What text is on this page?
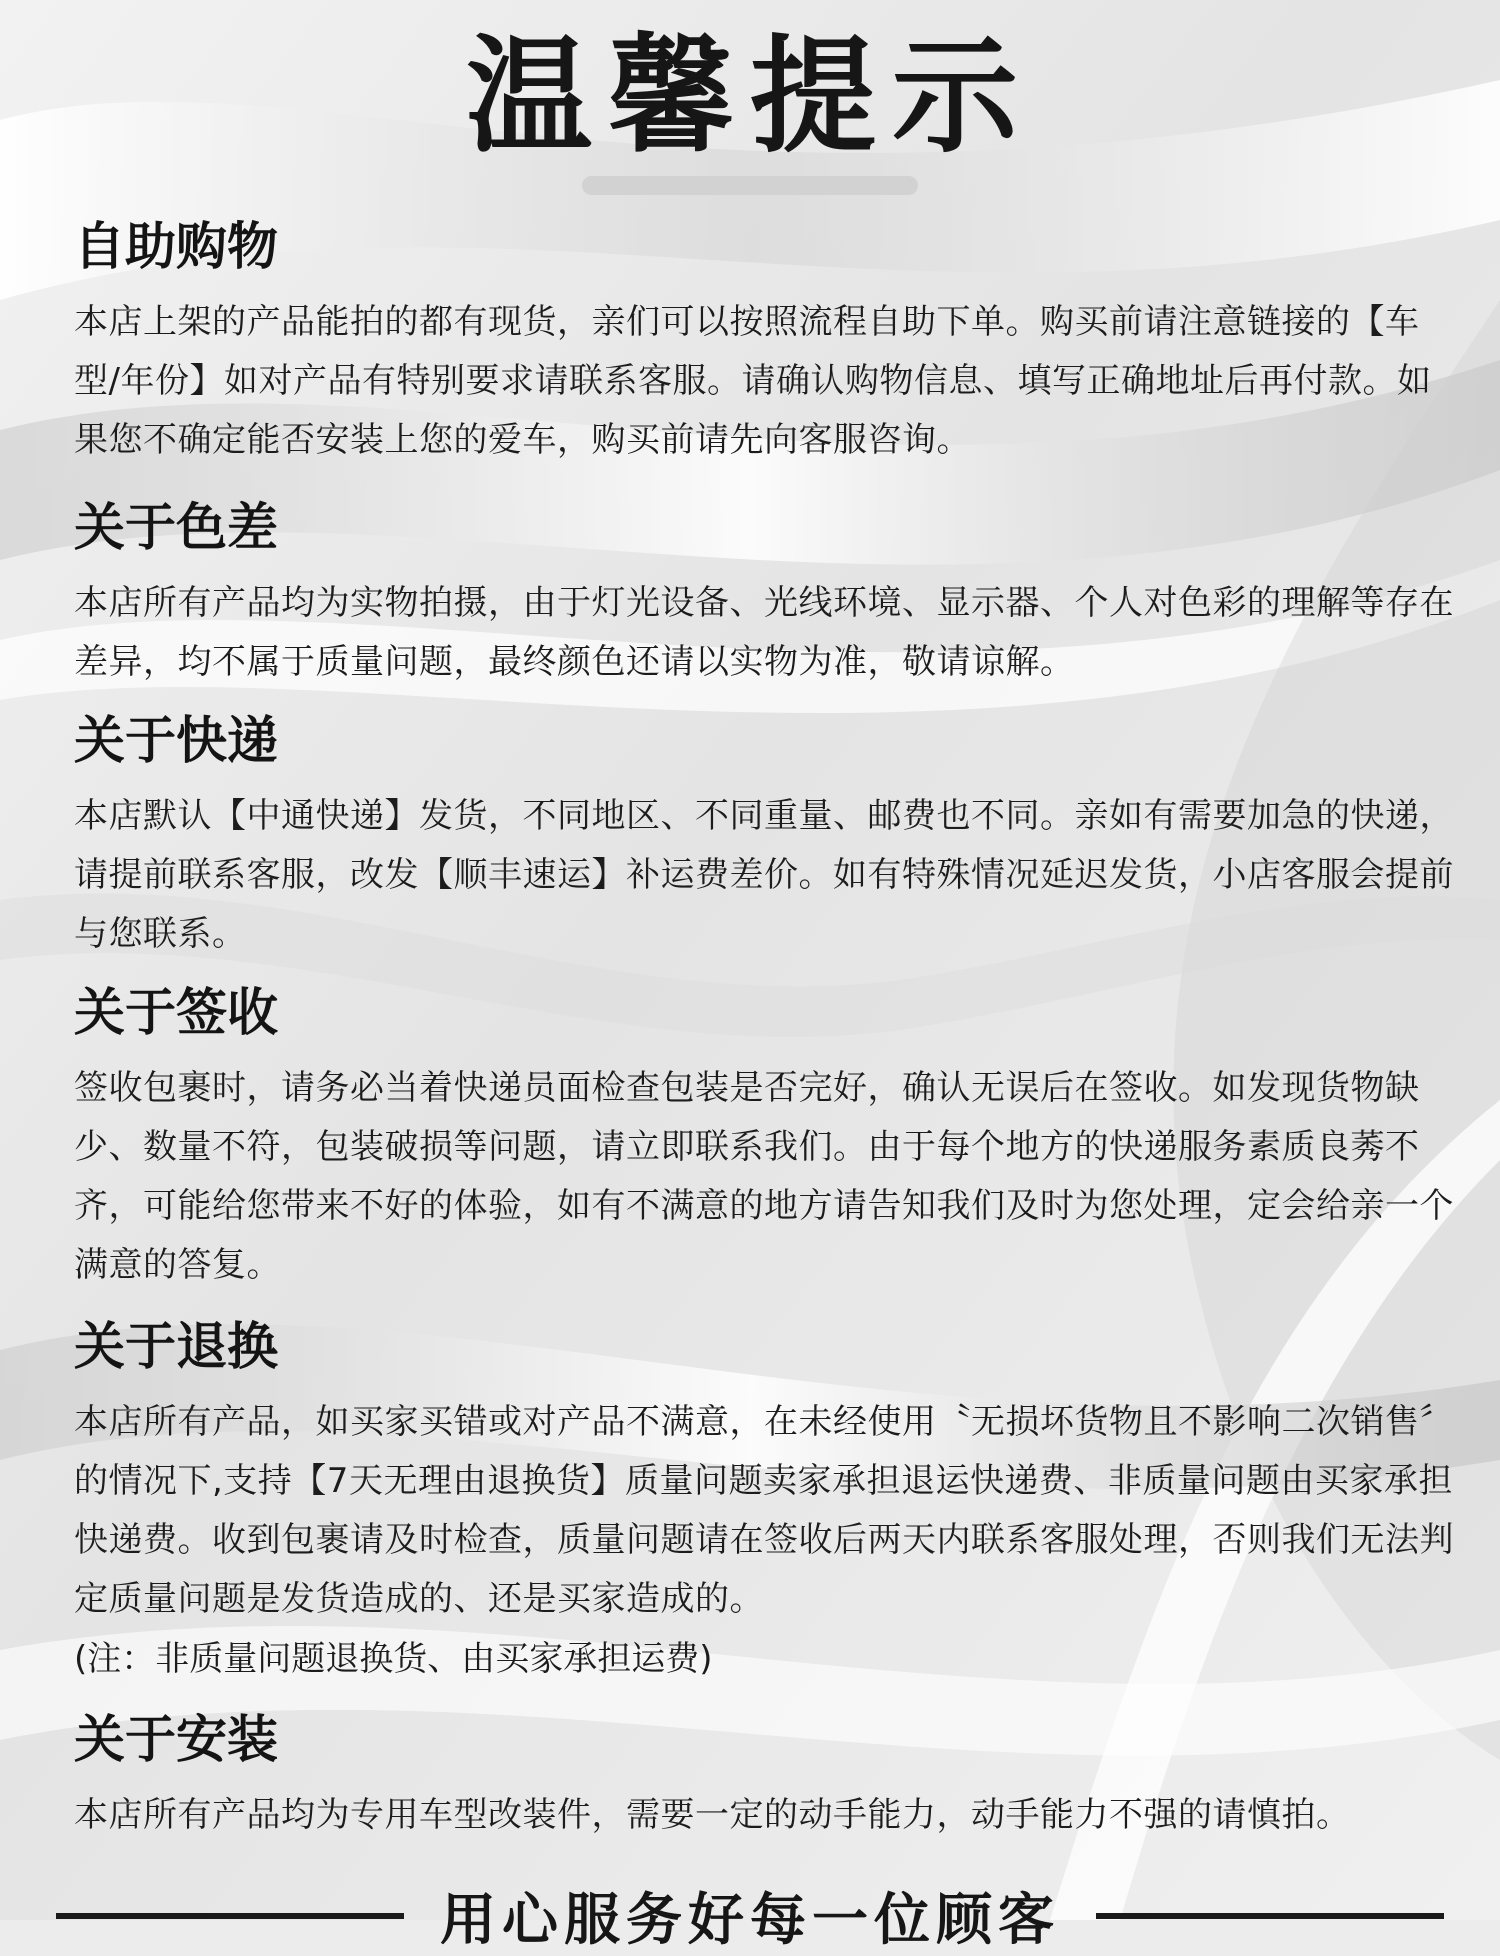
温馨提示
自助购物

本店上架的产品能拍的都有现货，亲们可以按照流程自助下单。购买前请注意链接的【车型/年份】如对产品有特别要求请联系客服。请确认购物信息、填写正确地址后再付款。如果您不确定能否安装上您的爱车，购买前请先向客服咨询。

关于色差

本店所有产品均为实物拍摄，由于灯光设备、光线环境、显示器、个人对色彩的理解等存在差异，均不属于质量问题，最终颜色还请以实物为准，敬请谅解。

关于快递

本店默认【中通快递】发货，不同地区、不同重量、邮费也不同。亲如有需要加急的快递，请提前联系客服，改发【顺丰速运】补运费差价。如有特殊情况延迟发货，小店客服会提前与您联系。

关于签收

签收包裹时，请务必当着快递员面检查包装是否完好，确认无误后在签收。如发现货物缺少、数量不符，包装破损等问题，请立即联系我们。由于每个地方的快递服务素质良莠不齐，可能给您带来不好的体验，如有不满意的地方请告知我们及时为您处理，定会给亲一个满意的答复。

关于退换

本店所有产品，如买家买错或对产品不满意，在未经使用〝无损坏货物且不影响二次销售〞的情况下,支持【7天无理由退换货】质量问题卖家承担退运快递费、非质量问题由买家承担快递费。收到包裹请及时检查，质量问题请在签收后两天内联系客服处理，否则我们无法判定质量问题是发货造成的、还是买家造成的。

(注：非质量问题退换货、由买家承担运费)

关于安装

本店所有产品均为专用车型改装件，需要一定的动手能力，动手能力不强的请慎拍。

用心服务好每一位顾客
